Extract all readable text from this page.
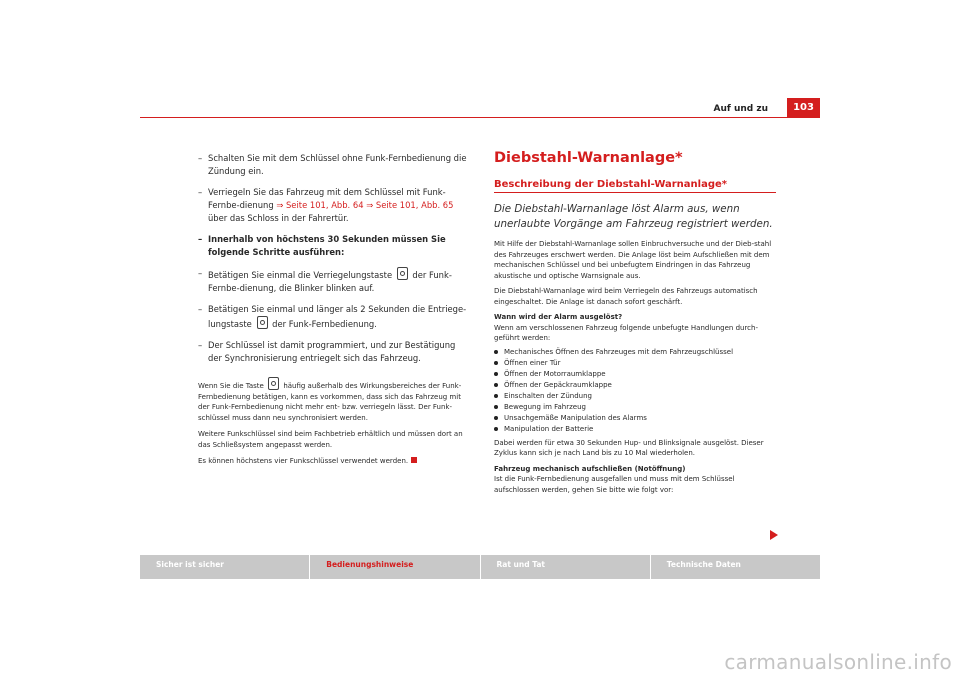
Auf und zu	103
– Schalten Sie mit dem Schlüssel ohne Funk-Fernbedienung die Zündung ein.
– Verriegeln Sie das Fahrzeug mit dem Schlüssel mit Funk-Fernbe-dienung ⇒ Seite 101, Abb. 64 ⇒ Seite 101, Abb. 65 über das Schloss in der Fahrertür.
– Innerhalb von höchstens 30 Sekunden müssen Sie folgende Schritte ausführen:
– Betätigen Sie einmal die Verriegelungstaste  der Funk-Fernbe-dienung, die Blinker blinken auf.
– Betätigen Sie einmal und länger als 2 Sekunden die Entriege-lungstaste  der Funk-Fernbedienung.
– Der Schlüssel ist damit programmiert, und zur Bestätigung der Synchronisierung entriegelt sich das Fahrzeug.
Wenn Sie die Taste  häufig außerhalb des Wirkungsbereiches der Funk-Fernbedienung betätigen, kann es vorkommen, dass sich das Fahrzeug mit der Funk-Fernbedienung nicht mehr ent- bzw. verriegeln lässt. Der Funk-schlüssel muss dann neu synchronisiert werden.
Weitere Funkschlüssel sind beim Fachbetrieb erhältlich und müssen dort an das Schließsystem angepasst werden.
Es können höchstens vier Funkschlüssel verwendet werden.
Diebstahl-Warnanlage*
Beschreibung der Diebstahl-Warnanlage*
Die Diebstahl-Warnanlage löst Alarm aus, wenn unerlaubte Vorgänge am Fahrzeug registriert werden.
Mit Hilfe der Diebstahl-Warnanlage sollen Einbruchversuche und der Dieb-stahl des Fahrzeuges erschwert werden. Die Anlage löst beim Aufschließen mit dem mechanischen Schlüssel und bei unbefugtem Eindringen in das Fahrzeug akustische und optische Warnsignale aus.
Die Diebstahl-Warnanlage wird beim Verriegeln des Fahrzeugs automatisch eingeschaltet. Die Anlage ist danach sofort geschärft.
Wann wird der Alarm ausgelöst?
Wenn am verschlossenen Fahrzeug folgende unbefugte Handlungen durch-geführt werden:
Mechanisches Öffnen des Fahrzeuges mit dem Fahrzeugschlüssel
Öffnen einer Tür
Öffnen der Motorraumklappe
Öffnen der Gepäckraumklappe
Einschalten der Zündung
Bewegung im Fahrzeug
Unsachgemäße Manipulation des Alarms
Manipulation der Batterie
Dabei werden für etwa 30 Sekunden Hup- und Blinksignale ausgelöst. Dieser Zyklus kann sich je nach Land bis zu 10 Mal wiederholen.
Fahrzeug mechanisch aufschließen (Notöffnung)
Ist die Funk-Fernbedienung ausgefallen und muss mit dem Schlüssel aufschlossen werden, gehen Sie bitte wie folgt vor:
Sicher ist sicher	Bedienungshinweise	Rat und Tat	Technische Daten
carmanualsonline.info
